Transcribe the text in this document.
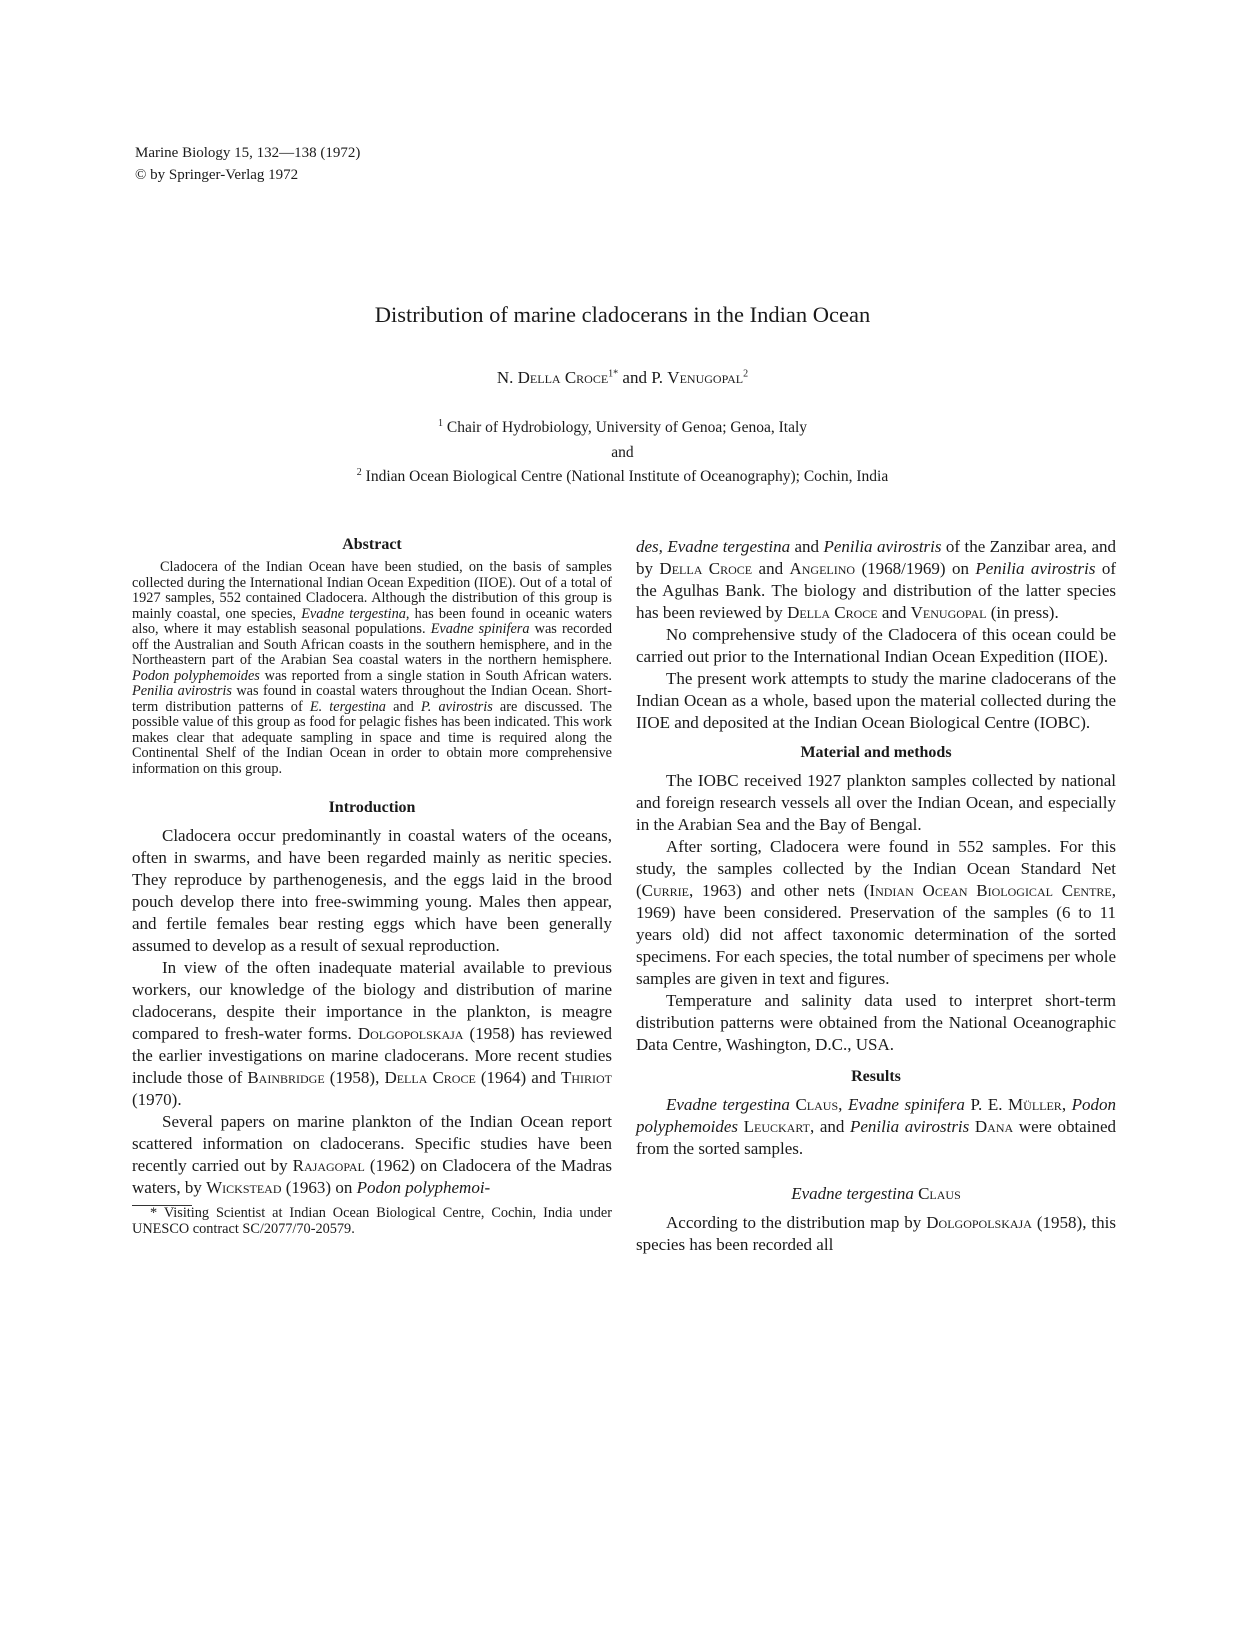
Marine Biology 15, 132—138 (1972)
© by Springer-Verlag 1972
Distribution of marine cladocerans in the Indian Ocean
N. Della Croce$^{1*}$ and P. Venugopal$^2$
$^1$ Chair of Hydrobiology, University of Genoa; Genoa, Italy
and
$^2$ Indian Ocean Biological Centre (National Institute of Oceanography); Cochin, India
Abstract

Cladocera of the Indian Ocean have been studied, on the basis of samples collected during the International Indian Ocean Expedition (IIOE). Out of a total of 1927 samples, 552 contained Cladocera. Although the distribution of this group is mainly coastal, one species, Evadne tergestina, has been found in oceanic waters also, where it may establish seasonal populations. Evadne spinifera was recorded off the Australian and South African coasts in the southern hemisphere, and in the Northeastern part of the Arabian Sea coastal waters in the northern hemisphere. Podon polyphemoides was reported from a single station in South African waters. Penilia avirostris was found in coastal waters throughout the Indian Ocean. Short-term distribution patterns of E. tergestina and P. avirostris are discussed. The possible value of this group as food for pelagic fishes has been indicated. This work makes clear that adequate sampling in space and time is required along the Continental Shelf of the Indian Ocean in order to obtain more comprehensive information on this group.

Introduction

Cladocera occur predominantly in coastal waters of the oceans, often in swarms, and have been regarded mainly as neritic species. They reproduce by parthenogenesis, and the eggs laid in the brood pouch develop there into free-swimming young. Males then appear, and fertile females bear resting eggs which have been generally assumed to develop as a result of sexual reproduction.

In view of the often inadequate material available to previous workers, our knowledge of the biology and distribution of marine cladocerans, despite their importance in the plankton, is meagre compared to fresh-water forms. Dolgopolskaja (1958) has reviewed the earlier investigations on marine cladocerans. More recent studies include those of Bainbridge (1958), Della Croce (1964) and Thiriot (1970).

Several papers on marine plankton of the Indian Ocean report scattered information on cladocerans. Specific studies have been recently carried out by Rajagopal (1962) on Cladocera of the Madras waters, by Wickstead (1963) on Podon polyphemoi-

* Visiting Scientist at Indian Ocean Biological Centre, Cochin, India under UNESCO contract SC/2077/70-20579.

des, Evadne tergestina and Penilia avirostris of the Zanzibar area, and by Della Croce and Angelino (1968/1969) on Penilia avirostris of the Agulhas Bank. The biology and distribution of the latter species has been reviewed by Della Croce and Venugopal (in press).

No comprehensive study of the Cladocera of this ocean could be carried out prior to the International Indian Ocean Expedition (IIOE).

The present work attempts to study the marine cladocerans of the Indian Ocean as a whole, based upon the material collected during the IIOE and deposited at the Indian Ocean Biological Centre (IOBC).

Material and methods

The IOBC received 1927 plankton samples collected by national and foreign research vessels all over the Indian Ocean, and especially in the Arabian Sea and the Bay of Bengal.

After sorting, Cladocera were found in 552 samples. For this study, the samples collected by the Indian Ocean Standard Net (Currie, 1963) and other nets (Indian Ocean Biological Centre, 1969) have been considered. Preservation of the samples (6 to 11 years old) did not affect taxonomic determination of the sorted specimens. For each species, the total number of specimens per whole samples are given in text and figures.

Temperature and salinity data used to interpret short-term distribution patterns were obtained from the National Oceanographic Data Centre, Washington, D.C., USA.

Results

Evadne tergestina Claus, Evadne spinifera P. E. Müller, Podon polyphemoides Leuckart, and Penilia avirostris Dana were obtained from the sorted samples.

Evadne tergestina Claus

According to the distribution map by Dolgopolskaja (1958), this species has been recorded all
